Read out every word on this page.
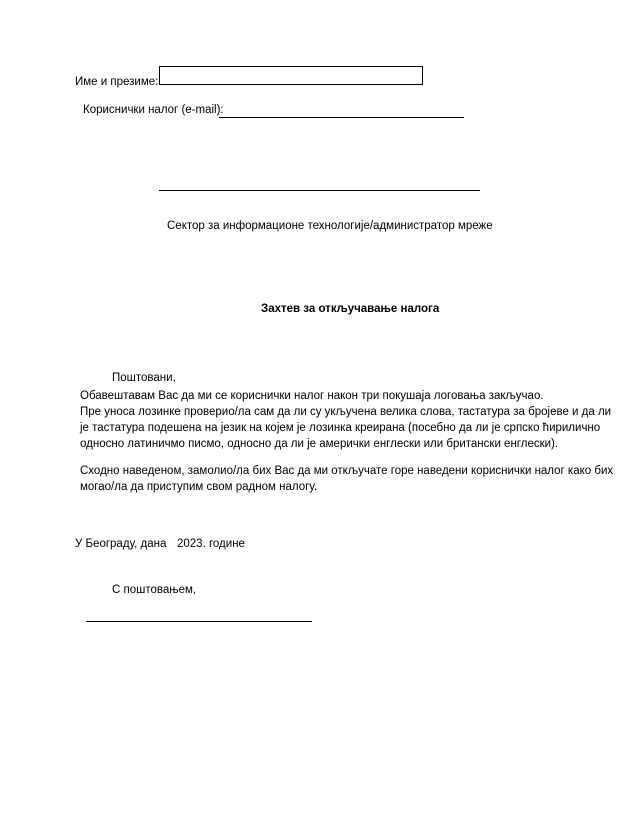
Име и презиме:
Кориснички налог (e-mail):
Сектор за информационе технологије/администратор мреже
Захтев за откључавање налога
Поштовани,
Обавештавам Вас да ми се кориснички налог након три покушаја логовања закључао.
Пре уноса лозинке проверио/ла сам да ли су укључена велика слова, тастатура за бројеве и да ли
је тастатура подешена на језик на којем је лозинка креирана (посебно да ли је српско ћирилично
односно латиничмо писмо, односно да ли је амерички енглески или британски енглески).
Сходно наведеном, замолио/ла бих Вас да ми откључате горе наведени кориснички налог како бих
могао/ла да приступим свом радном налогу.
У Београду, дана 2023. године
С поштовањем,
